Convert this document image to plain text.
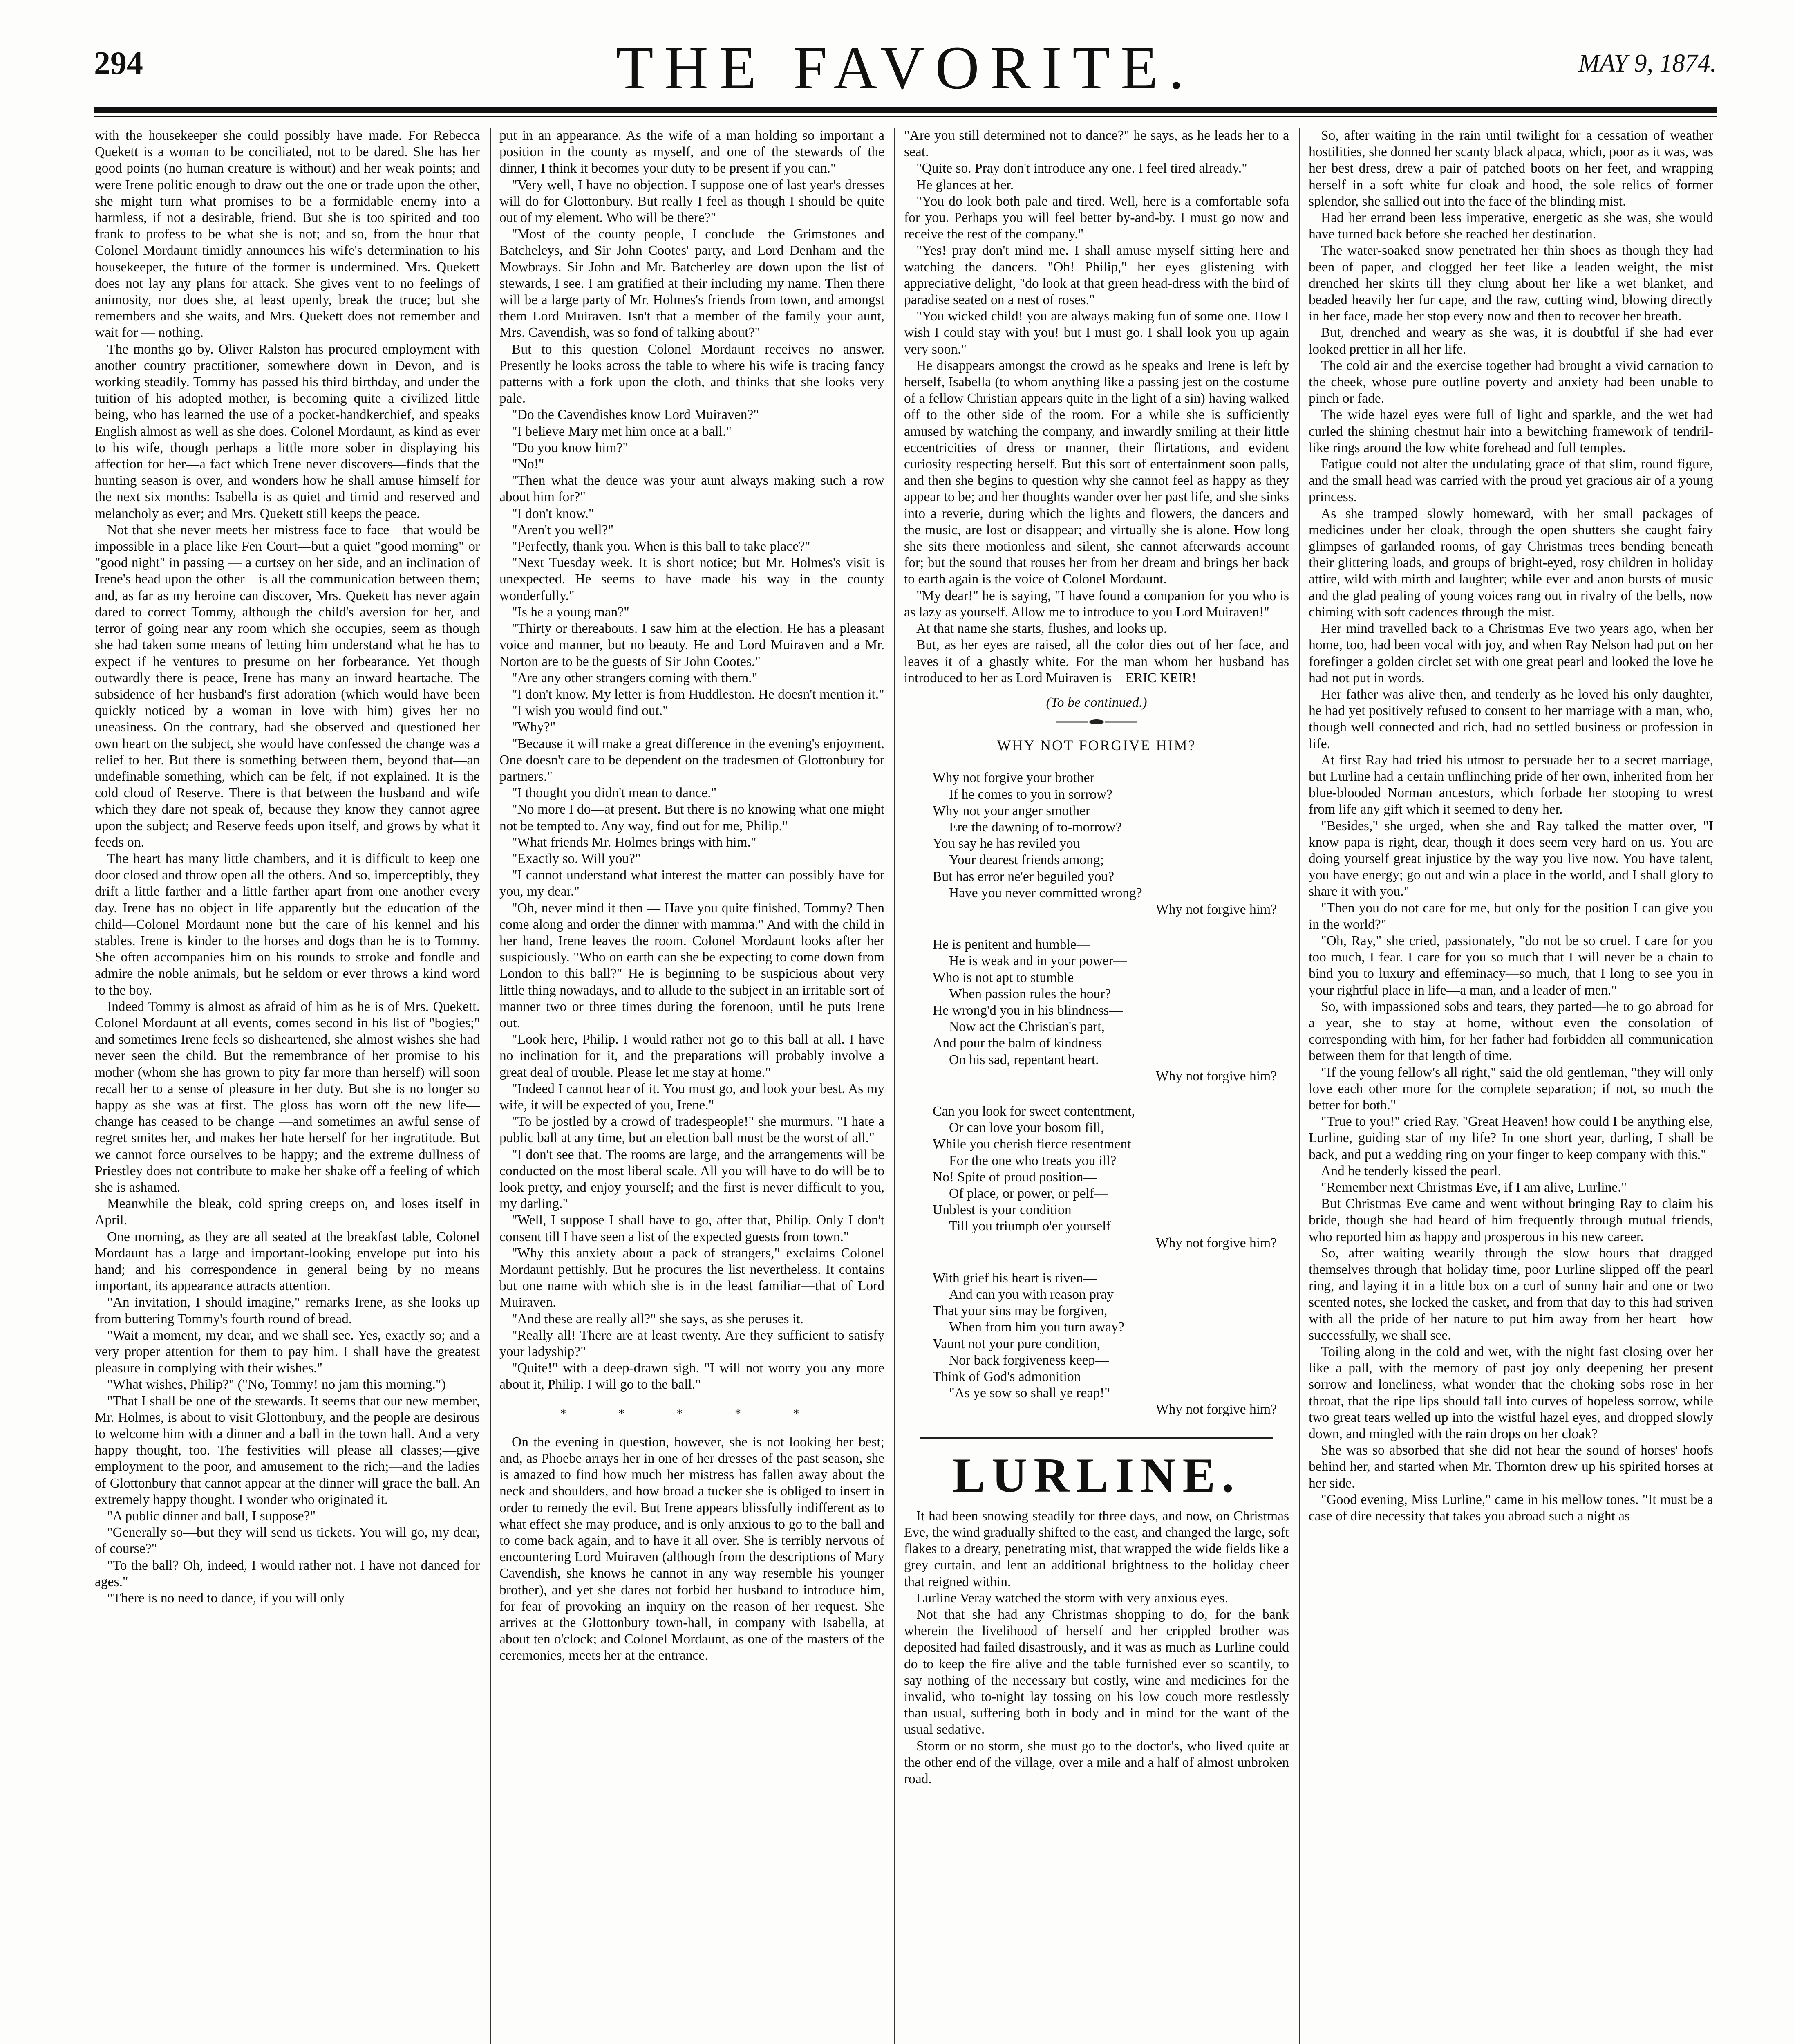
294	THE FAVORITE.	MAY 9, 1874.

with the housekeeper she could possibly have made. For Rebecca Quekett is a woman to be conciliated, not to be dared. She has her good points (no human creature is without) and her weak points; and were Irene politic enough to draw out the one or trade upon the other, she might turn what promises to be a formidable enemy into a harmless, if not a desirable, friend. But she is too spirited and too frank to profess to be what she is not; and so, from the hour that Colonel Mordaunt timidly announces his wife's determination to his housekeeper, the future of the former is undermined. Mrs. Quekett does not lay any plans for attack. She gives vent to no feelings of animosity, nor does she, at least openly, break the truce; but she remembers and she waits, and Mrs. Quekett does not remember and wait for — nothing.

The months go by. Oliver Ralston has procured employment with another country practitioner, somewhere down in Devon, and is working steadily. Tommy has passed his third birthday, and under the tuition of his adopted mother, is becoming quite a civilized little being, who has learned the use of a pocket-handkerchief, and speaks English almost as well as she does. Colonel Mordaunt, as kind as ever to his wife, though perhaps a little more sober in displaying his affection for her—a fact which Irene never discovers—finds that the hunting season is over, and wonders how he shall amuse himself for the next six months: Isabella is as quiet and timid and reserved and melancholy as ever; and Mrs. Quekett still keeps the peace.

Not that she never meets her mistress face to face—that would be impossible in a place like Fen Court—but a quiet "good morning" or "good night" in passing — a curtsey on her side, and an inclination of Irene's head upon the other—is all the communication between them; and, as far as my heroine can discover, Mrs. Quekett has never again dared to correct Tommy, although the child's aversion for her, and terror of going near any room which she occupies, seem as though she had taken some means of letting him understand what he has to expect if he ventures to presume on her forbearance. Yet though outwardly there is peace, Irene has many an inward heartache. The subsidence of her husband's first adoration (which would have been quickly noticed by a woman in love with him) gives her no uneasiness. On the contrary, had she observed and questioned her own heart on the subject, she would have confessed the change was a relief to her. But there is something between them, beyond that—an undefinable something, which can be felt, if not explained. It is the cold cloud of Reserve. There is that between the husband and wife which they dare not speak of, because they know they cannot agree upon the subject; and Reserve feeds upon itself, and grows by what it feeds on.

The heart has many little chambers, and it is difficult to keep one door closed and throw open all the others. And so, imperceptibly, they drift a little farther and a little farther apart from one another every day. Irene has no object in life apparently but the education of the child—Colonel Mordaunt none but the care of his kennel and his stables. Irene is kinder to the horses and dogs than he is to Tommy. She often accompanies him on his rounds to stroke and fondle and admire the noble animals, but he seldom or ever throws a kind word to the boy.

Indeed Tommy is almost as afraid of him as he is of Mrs. Quekett. Colonel Mordaunt at all events, comes second in his list of "bogies;" and sometimes Irene feels so disheartened, she almost wishes she had never seen the child. But the remembrance of her promise to his mother (whom she has grown to pity far more than herself) will soon recall her to a sense of pleasure in her duty. But she is no longer so happy as she was at first. The gloss has worn off the new life—change has ceased to be change —and sometimes an awful sense of regret smites her, and makes her hate herself for her ingratitude. But we cannot force ourselves to be happy; and the extreme dullness of Priestley does not contribute to make her shake off a feeling of which she is ashamed.

Meanwhile the bleak, cold spring creeps on, and loses itself in April.

One morning, as they are all seated at the breakfast table, Colonel Mordaunt has a large and important-looking envelope put into his hand; and his correspondence in general being by no means important, its appearance attracts attention.

"An invitation, I should imagine," remarks Irene, as she looks up from buttering Tommy's fourth round of bread.

"Wait a moment, my dear, and we shall see. Yes, exactly so; and a very proper attention for them to pay him. I shall have the greatest pleasure in complying with their wishes."

"What wishes, Philip?" ("No, Tommy! no jam this morning.")

"That I shall be one of the stewards. It seems that our new member, Mr. Holmes, is about to visit Glottonbury, and the people are desirous to welcome him with a dinner and a ball in the town hall. And a very happy thought, too. The festivities will please all classes;—give employment to the poor, and amusement to the rich;—and the ladies of Glottonbury that cannot appear at the dinner will grace the ball. An extremely happy thought. I wonder who originated it.

"A public dinner and ball, I suppose?"

"Generally so—but they will send us tickets. You will go, my dear, of course?"

"To the ball? Oh, indeed, I would rather not. I have not danced for ages."

"There is no need to dance, if you will only

put in an appearance. As the wife of a man holding so important a position in the county as myself, and one of the stewards of the dinner, I think it becomes your duty to be present if you can."

"Very well, I have no objection. I suppose one of last year's dresses will do for Glottonbury. But really I feel as though I should be quite out of my element. Who will be there?"

"Most of the county people, I conclude—the Grimstones and Batcheleys, and Sir John Cootes' party, and Lord Denham and the Mowbrays. Sir John and Mr. Batcherley are down upon the list of stewards, I see. I am gratified at their including my name. Then there will be a large party of Mr. Holmes's friends from town, and amongst them Lord Muiraven. Isn't that a member of the family your aunt, Mrs. Cavendish, was so fond of talking about?"

But to this question Colonel Mordaunt receives no answer. Presently he looks across the table to where his wife is tracing fancy patterns with a fork upon the cloth, and thinks that she looks very pale.

"Do the Cavendishes know Lord Muiraven?"

"I believe Mary met him once at a ball."

"Do you know him?"

"No!"

"Then what the deuce was your aunt always making such a row about him for?"

"I don't know."

"Aren't you well?"

"Perfectly, thank you. When is this ball to take place?"

"Next Tuesday week. It is short notice; but Mr. Holmes's visit is unexpected. He seems to have made his way in the county wonderfully."

"Is he a young man?"

"Thirty or thereabouts. I saw him at the election. He has a pleasant voice and manner, but no beauty. He and Lord Muiraven and a Mr. Norton are to be the guests of Sir John Cootes."

"Are any other strangers coming with them."

"I don't know. My letter is from Huddleston. He doesn't mention it."

"I wish you would find out."

"Why?"

"Because it will make a great difference in the evening's enjoyment. One doesn't care to be dependent on the tradesmen of Glottonbury for partners."

"I thought you didn't mean to dance."

"No more I do—at present. But there is no knowing what one might not be tempted to. Any way, find out for me, Philip."

"What friends Mr. Holmes brings with him."

"Exactly so. Will you?"

"I cannot understand what interest the matter can possibly have for you, my dear."

"Oh, never mind it then — Have you quite finished, Tommy? Then come along and order the dinner with mamma." And with the child in her hand, Irene leaves the room. Colonel Mordaunt looks after her suspiciously. "Who on earth can she be expecting to come down from London to this ball?" He is beginning to be suspicious about very little thing nowadays, and to allude to the subject in an irritable sort of manner two or three times during the forenoon, until he puts Irene out.

"Look here, Philip. I would rather not go to this ball at all. I have no inclination for it, and the preparations will probably involve a great deal of trouble. Please let me stay at home."

"Indeed I cannot hear of it. You must go, and look your best. As my wife, it will be expected of you, Irene."

"To be jostled by a crowd of tradespeople!" she murmurs. "I hate a public ball at any time, but an election ball must be the worst of all."

"I don't see that. The rooms are large, and the arrangements will be conducted on the most liberal scale. All you will have to do will be to look pretty, and enjoy yourself; and the first is never difficult to you, my darling."

"Well, I suppose I shall have to go, after that, Philip. Only I don't consent till I have seen a list of the expected guests from town."

"Why this anxiety about a pack of strangers," exclaims Colonel Mordaunt pettishly. But he procures the list nevertheless. It contains but one name with which she is in the least familiar—that of Lord Muiraven.

"And these are really all?" she says, as she peruses it.

"Really all! There are at least twenty. Are they sufficient to satisfy your ladyship?"

"Quite!" with a deep-drawn sigh. "I will not worry you any more about it, Philip. I will go to the ball."

* * * * *

On the evening in question, however, she is not looking her best; and, as Phoebe arrays her in one of her dresses of the past season, she is amazed to find how much her mistress has fallen away about the neck and shoulders, and how broad a tucker she is obliged to insert in order to remedy the evil. But Irene appears blissfully indifferent as to what effect she may produce, and is only anxious to go to the ball and to come back again, and to have it all over. She is terribly nervous of encountering Lord Muiraven (although from the descriptions of Mary Cavendish, she knows he cannot in any way resemble his younger brother), and yet she dares not forbid her husband to introduce him, for fear of provoking an inquiry on the reason of her request. She arrives at the Glottonbury town-hall, in company with Isabella, at about ten o'clock; and Colonel Mordaunt, as one of the masters of the ceremonies, meets her at the entrance.

"Are you still determined not to dance?" he says, as he leads her to a seat.

"Quite so. Pray don't introduce any one. I feel tired already."

He glances at her.

"You do look both pale and tired. Well, here is a comfortable sofa for you. Perhaps you will feel better by-and-by. I must go now and receive the rest of the company."

"Yes! pray don't mind me. I shall amuse myself sitting here and watching the dancers. "Oh! Philip," her eyes glistening with appreciative delight, "do look at that green head-dress with the bird of paradise seated on a nest of roses."

"You wicked child! you are always making fun of some one. How I wish I could stay with you! but I must go. I shall look you up again very soon."

He disappears amongst the crowd as he speaks and Irene is left by herself, Isabella (to whom anything like a passing jest on the costume of a fellow Christian appears quite in the light of a sin) having walked off to the other side of the room. For a while she is sufficiently amused by watching the company, and inwardly smiling at their little eccentricities of dress or manner, their flirtations, and evident curiosity respecting herself. But this sort of entertainment soon palls, and then she begins to question why she cannot feel as happy as they appear to be; and her thoughts wander over her past life, and she sinks into a reverie, during which the lights and flowers, the dancers and the music, are lost or disappear; and virtually she is alone. How long she sits there motionless and silent, she cannot afterwards account for; but the sound that rouses her from her dream and brings her back to earth again is the voice of Colonel Mordaunt.

"My dear!" he is saying, "I have found a companion for you who is as lazy as yourself. Allow me to introduce to you Lord Muiraven!"

At that name she starts, flushes, and looks up.

But, as her eyes are raised, all the color dies out of her face, and leaves it of a ghastly white. For the man whom her husband has introduced to her as Lord Muiraven is—ERIC KEIR!

(To be continued.)
WHY NOT FORGIVE HIM?
Why not forgive your brother
If he comes to you in sorrow?
Why not your anger smother
Ere the dawning of to-morrow?
You say he has reviled you
Your dearest friends among;
But has error ne'er beguiled you?
Have you never committed wrong?
Why not forgive him?
He is penitent and humble—
He is weak and in your power—
Who is not apt to stumble
When passion rules the hour?
He wrong'd you in his blindness—
Now act the Christian's part,
And pour the balm of kindness
On his sad, repentant heart.
Why not forgive him?
Can you look for sweet contentment,
Or can love your bosom fill,
While you cherish fierce resentment
For the one who treats you ill?
No! Spite of proud position—
Of place, or power, or pelf—
Unblest is your condition
Till you triumph o'er yourself
Why not forgive him?
With grief his heart is riven—
And can you with reason pray
That your sins may be forgiven,
When from him you turn away?
Vaunt not your pure condition,
Nor back forgiveness keep—
Think of God's admonition
"As ye sow so shall ye reap!"
Why not forgive him?
LURLINE.

It had been snowing steadily for three days, and now, on Christmas Eve, the wind gradually shifted to the east, and changed the large, soft flakes to a dreary, penetrating mist, that wrapped the wide fields like a grey curtain, and lent an additional brightness to the holiday cheer that reigned within.

Lurline Veray watched the storm with very anxious eyes.

Not that she had any Christmas shopping to do, for the bank wherein the livelihood of herself and her crippled brother was deposited had failed disastrously, and it was as much as Lurline could do to keep the fire alive and the table furnished ever so scantily, to say nothing of the necessary but costly, wine and medicines for the invalid, who to-night lay tossing on his low couch more restlessly than usual, suffering both in body and in mind for the want of the usual sedative.

Storm or no storm, she must go to the doctor's, who lived quite at the other end of the village, over a mile and a half of almost unbroken road.

So, after waiting in the rain until twilight for a cessation of weather hostilities, she donned her scanty black alpaca, which, poor as it was, was her best dress, drew a pair of patched boots on her feet, and wrapping herself in a soft white fur cloak and hood, the sole relics of former splendor, she sallied out into the face of the blinding mist.

Had her errand been less imperative, energetic as she was, she would have turned back before she reached her destination.

The water-soaked snow penetrated her thin shoes as though they had been of paper, and clogged her feet like a leaden weight, the mist drenched her skirts till they clung about her like a wet blanket, and beaded heavily her fur cape, and the raw, cutting wind, blowing directly in her face, made her stop every now and then to recover her breath.

But, drenched and weary as she was, it is doubtful if she had ever looked prettier in all her life.

The cold air and the exercise together had brought a vivid carnation to the cheek, whose pure outline poverty and anxiety had been unable to pinch or fade.

The wide hazel eyes were full of light and sparkle, and the wet had curled the shining chestnut hair into a bewitching framework of tendril-like rings around the low white forehead and full temples.

Fatigue could not alter the undulating grace of that slim, round figure, and the small head was carried with the proud yet gracious air of a young princess.

As she tramped slowly homeward, with her small packages of medicines under her cloak, through the open shutters she caught fairy glimpses of garlanded rooms, of gay Christmas trees bending beneath their glittering loads, and groups of bright-eyed, rosy children in holiday attire, wild with mirth and laughter; while ever and anon bursts of music and the glad pealing of young voices rang out in rivalry of the bells, now chiming with soft cadences through the mist.

Her mind travelled back to a Christmas Eve two years ago, when her home, too, had been vocal with joy, and when Ray Nelson had put on her forefinger a golden circlet set with one great pearl and looked the love he had not put in words.

Her father was alive then, and tenderly as he loved his only daughter, he had yet positively refused to consent to her marriage with a man, who, though well connected and rich, had no settled business or profession in life.

At first Ray had tried his utmost to persuade her to a secret marriage, but Lurline had a certain unflinching pride of her own, inherited from her blue-blooded Norman ancestors, which forbade her stooping to wrest from life any gift which it seemed to deny her.

"Besides," she urged, when she and Ray talked the matter over, "I know papa is right, dear, though it does seem very hard on us. You are doing yourself great injustice by the way you live now. You have talent, you have energy; go out and win a place in the world, and I shall glory to share it with you."

"Then you do not care for me, but only for the position I can give you in the world?"

"Oh, Ray," she cried, passionately, "do not be so cruel. I care for you too much, I fear. I care for you so much that I will never be a chain to bind you to luxury and effeminacy—so much, that I long to see you in your rightful place in life—a man, and a leader of men."

So, with impassioned sobs and tears, they parted—he to go abroad for a year, she to stay at home, without even the consolation of corresponding with him, for her father had forbidden all communication between them for that length of time.

"If the young fellow's all right," said the old gentleman, "they will only love each other more for the complete separation; if not, so much the better for both."

"True to you!" cried Ray. "Great Heaven! how could I be anything else, Lurline, guiding star of my life? In one short year, darling, I shall be back, and put a wedding ring on your finger to keep company with this."

And he tenderly kissed the pearl.

"Remember next Christmas Eve, if I am alive, Lurline."

But Christmas Eve came and went without bringing Ray to claim his bride, though she had heard of him frequently through mutual friends, who reported him as happy and prosperous in his new career.

So, after waiting wearily through the slow hours that dragged themselves through that holiday time, poor Lurline slipped off the pearl ring, and laying it in a little box on a curl of sunny hair and one or two scented notes, she locked the casket, and from that day to this had striven with all the pride of her nature to put him away from her heart—how successfully, we shall see.

Toiling along in the cold and wet, with the night fast closing over her like a pall, with the memory of past joy only deepening her present sorrow and loneliness, what wonder that the choking sobs rose in her throat, that the ripe lips should fall into curves of hopeless sorrow, while two great tears welled up into the wistful hazel eyes, and dropped slowly down, and mingled with the rain drops on her cloak?

She was so absorbed that she did not hear the sound of horses' hoofs behind her, and started when Mr. Thornton drew up his spirited horses at her side.

"Good evening, Miss Lurline," came in his mellow tones. "It must be a case of dire necessity that takes you abroad such a night as
